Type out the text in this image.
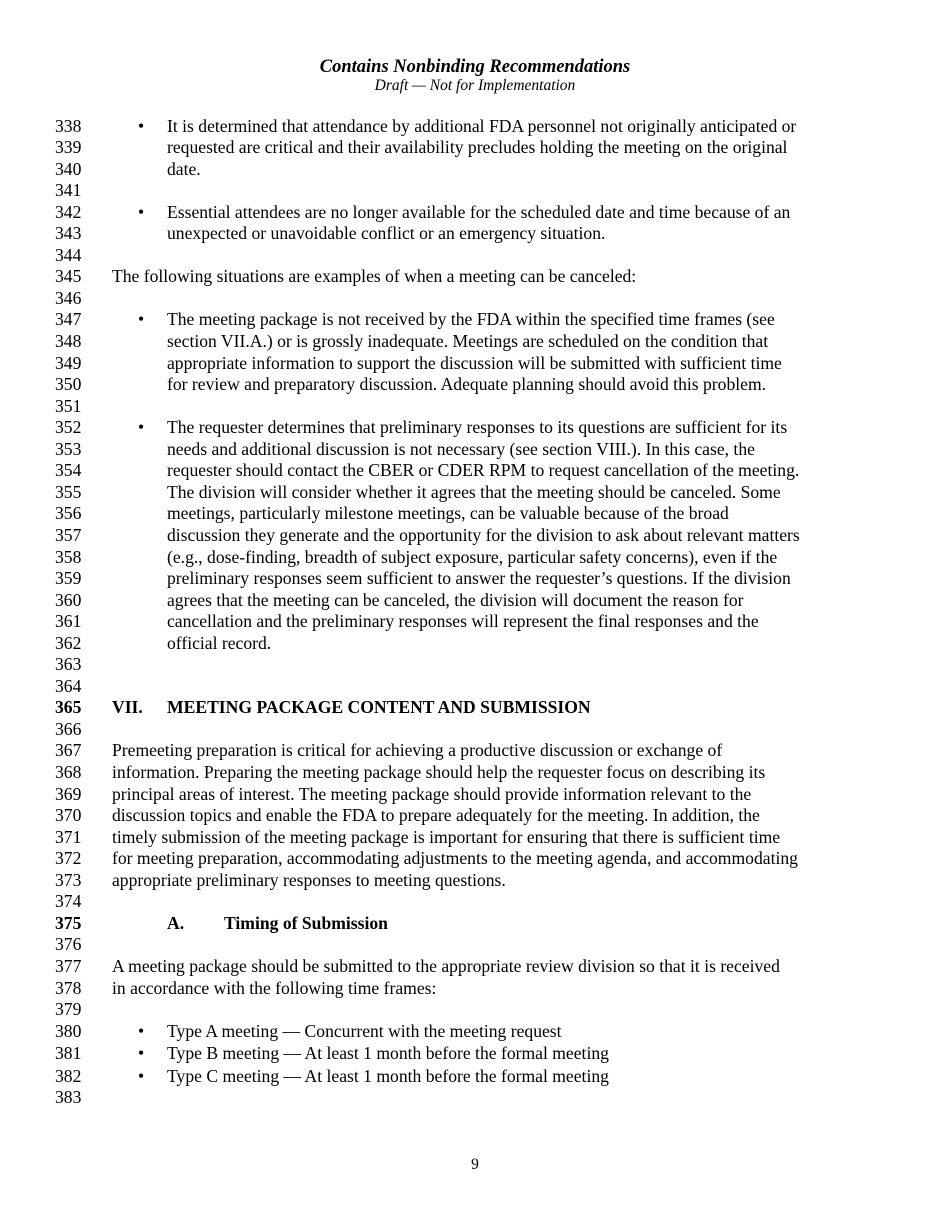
Contains Nonbinding Recommendations
Draft — Not for Implementation
338	• It is determined that attendance by additional FDA personnel not originally anticipated or
339	requested are critical and their availability precludes holding the meeting on the original
340	date.
341
342	• Essential attendees are no longer available for the scheduled date and time because of an
343	unexpected or unavoidable conflict or an emergency situation.
344
345	The following situations are examples of when a meeting can be canceled:
346
347	• The meeting package is not received by the FDA within the specified time frames (see
348	section VII.A.) or is grossly inadequate. Meetings are scheduled on the condition that
349	appropriate information to support the discussion will be submitted with sufficient time
350	for review and preparatory discussion. Adequate planning should avoid this problem.
351
352	• The requester determines that preliminary responses to its questions are sufficient for its
353	needs and additional discussion is not necessary (see section VIII.). In this case, the
354	requester should contact the CBER or CDER RPM to request cancellation of the meeting.
355	The division will consider whether it agrees that the meeting should be canceled. Some
356	meetings, particularly milestone meetings, can be valuable because of the broad
357	discussion they generate and the opportunity for the division to ask about relevant matters
358	(e.g., dose-finding, breadth of subject exposure, particular safety concerns), even if the
359	preliminary responses seem sufficient to answer the requester’s questions. If the division
360	agrees that the meeting can be canceled, the division will document the reason for
361	cancellation and the preliminary responses will represent the final responses and the
362	official record.
363
364
365	VII. MEETING PACKAGE CONTENT AND SUBMISSION
366
367	Premeeting preparation is critical for achieving a productive discussion or exchange of
368	information. Preparing the meeting package should help the requester focus on describing its
369	principal areas of interest. The meeting package should provide information relevant to the
370	discussion topics and enable the FDA to prepare adequately for the meeting. In addition, the
371	timely submission of the meeting package is important for ensuring that there is sufficient time
372	for meeting preparation, accommodating adjustments to the meeting agenda, and accommodating
373	appropriate preliminary responses to meeting questions.
374
375	A. Timing of Submission
376
377	A meeting package should be submitted to the appropriate review division so that it is received
378	in accordance with the following time frames:
379
380	• Type A meeting — Concurrent with the meeting request
381	• Type B meeting — At least 1 month before the formal meeting
382	• Type C meeting — At least 1 month before the formal meeting
383
9
